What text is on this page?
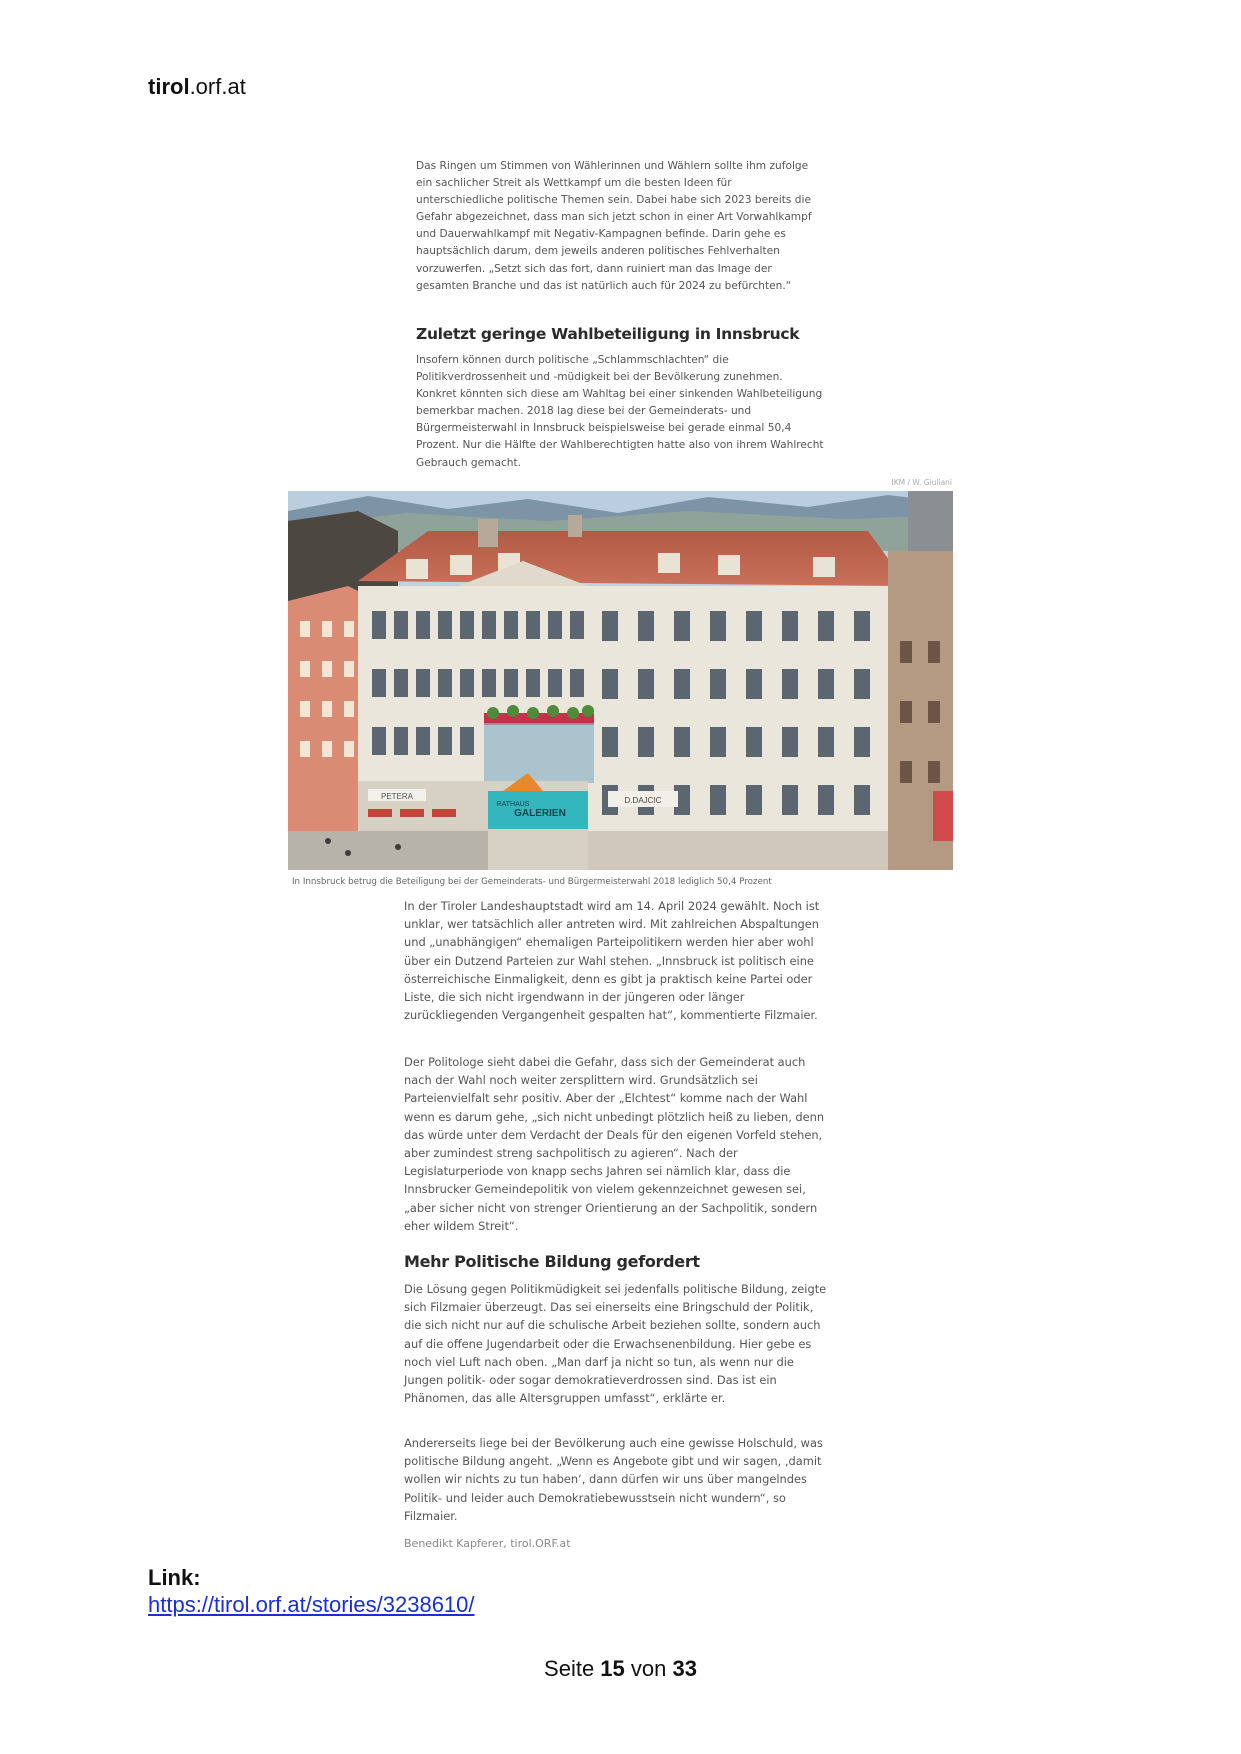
tirol.orf.at
Das Ringen um Stimmen von Wählerinnen und Wählern sollte ihm zufolge ein sachlicher Streit als Wettkampf um die besten Ideen für unterschiedliche politische Themen sein. Dabei habe sich 2023 bereits die Gefahr abgezeichnet, dass man sich jetzt schon in einer Art Vorwahlkampf und Dauerwahlkampf mit Negativ-Kampagnen befinde. Darin gehe es hauptsächlich darum, dem jeweils anderen politisches Fehlverhalten vorzuwerfen. „Setzt sich das fort, dann ruiniert man das Image der gesamten Branche und das ist natürlich auch für 2024 zu befürchten.“
Zuletzt geringe Wahlbeteiligung in Innsbruck
Insofern können durch politische „Schlammschlachten“ die Politikverdrossenheit und -müdigkeit bei der Bevölkerung zunehmen. Konkret könnten sich diese am Wahltag bei einer sinkenden Wahlbeteiligung bemerkbar machen. 2018 lag diese bei der Gemeinderats- und Bürgermeisterwahl in Innsbruck beispielsweise bei gerade einmal 50,4 Prozent. Nur die Hälfte der Wahlberechtigten hatte also von ihrem Wahlrecht Gebrauch gemacht.
IKM / W. Giuliani
PETERA
GALERIEN
RATHAUS	D.DAJCIC
In Innsbruck betrug die Beteiligung bei der Gemeinderats- und Bürgermeisterwahl 2018 lediglich 50,4 Prozent
In der Tiroler Landeshauptstadt wird am 14. April 2024 gewählt. Noch ist unklar, wer tatsächlich aller antreten wird. Mit zahlreichen Abspaltungen und „unabhängigen“ ehemaligen Parteipolitikern werden hier aber wohl über ein Dutzend Parteien zur Wahl stehen. „Innsbruck ist politisch eine österreichische Einmaligkeit, denn es gibt ja praktisch keine Partei oder Liste, die sich nicht irgendwann in der jüngeren oder länger zurückliegenden Vergangenheit gespalten hat“, kommentierte Filzmaier.
Der Politologe sieht dabei die Gefahr, dass sich der Gemeinderat auch nach der Wahl noch weiter zersplittern wird. Grundsätzlich sei Parteienvielfalt sehr positiv. Aber der „Elchtest“ komme nach der Wahl wenn es darum gehe, „sich nicht unbedingt plötzlich heiß zu lieben, denn das würde unter dem Verdacht der Deals für den eigenen Vorfeld stehen, aber zumindest streng sachpolitisch zu agieren“. Nach der Legislaturperiode von knapp sechs Jahren sei nämlich klar, dass die Innsbrucker Gemeindepolitik von vielem gekennzeichnet gewesen sei, „aber sicher nicht von strenger Orientierung an der Sachpolitik, sondern eher wildem Streit“.
Mehr Politische Bildung gefordert
Die Lösung gegen Politikmüdigkeit sei jedenfalls politische Bildung, zeigte sich Filzmaier überzeugt. Das sei einerseits eine Bringschuld der Politik, die sich nicht nur auf die schulische Arbeit beziehen sollte, sondern auch auf die offene Jugendarbeit oder die Erwachsenenbildung. Hier gebe es noch viel Luft nach oben. „Man darf ja nicht so tun, als wenn nur die Jungen politik- oder sogar demokratieverdrossen sind. Das ist ein Phänomen, das alle Altersgruppen umfasst“, erklärte er.
Andererseits liege bei der Bevölkerung auch eine gewisse Holschuld, was politische Bildung angeht. „Wenn es Angebote gibt und wir sagen, ‚damit wollen wir nichts zu tun haben‘, dann dürfen wir uns über mangelndes Politik- und leider auch Demokratiebewusstsein nicht wundern“, so Filzmaier.
Benedikt Kapferer, tirol.ORF.at
Link:
https://tirol.orf.at/stories/3238610/
Seite 15 von 33
